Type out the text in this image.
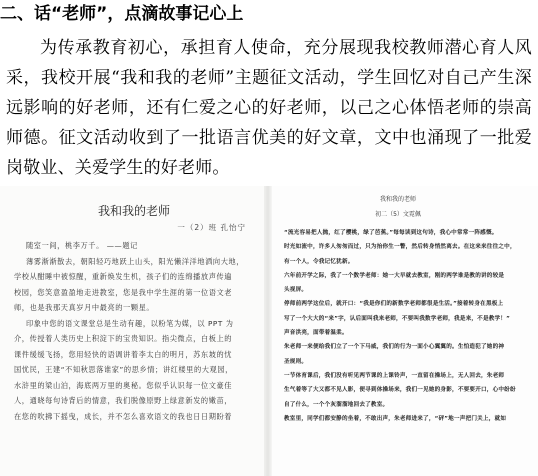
二、话“老师”，点滴故事记心上
为传承教育初心，承担育人使命，充分展现我校教师潜心育人风采，我校开展“我和我的老师”主题征文活动，学生回忆对自己产生深远影响的好老师，还有仁爱之心的好老师，以己之心体悟老师的崇高师德。征文活动收到了一批语言优美的好文章，文中也涌现了一批爱岗敬业、关爱学生的好老师。
我和我的老师
一（2）班 孔怡宁
随室一间，桃李万千。 ——题记
薄雾渐渐散去，朝阳轻巧地跃上山头，阳光懒洋洋地洒向大地，
学校从酣睡中被惊醒，重新焕发生机，孩子们的连绵播放声传遍
校园，您笑意盈盈地走进教室，您是我中学生涯的第一位语文老
师，也是我那天真岁月中最亮的一颗星。
印象中您的语文课堂总是生动有趣，以粉笔为媒，以 PPT 为
介，传授着人类历史上积淀下的宝贵知识。指尖微点，白板上的
课件缓缓飞扬，您用轻快的语调讲着李太白的明月，苏东坡的忧
国忧民，王建“不知秋思落谁家”的思乡情；讲红楼里的大观园，
水浒里的梁山泊，海底两万里的奥秘。您似乎认识每一位文豪佳
人，通晓每句诗背后的情意，我们脱像原野上绿意新发的嫩苗，
在您的吹拂下摇曳，成长，并不怎么喜欢语文的我也日日期盼着
我和我的老师
初二（5）文霓佩
“流光容易把人抛，红了樱桃，绿了芭蕉。”每每读到这句诗，我心中常常一阵感慨。
时光如流中，许多人匆匆而过，只为抬你生一瞥，然后转身悄然离去。在这来来往往之中，
有一个人，令我记忆犹新。
六年前开学之际，我了一个数学老师：她一大早就去教室，刚的两学谁是教的讲的较是
头视屏。
停师前两学这位后，就开口：“我是你们的新数学老师都很是生活。”接着转身在黑板上
写了一个大大的“来”字，认后面叫我来老师，不要叫我数学老师，我是来，不是教学！”
声音洪亮，面带着温柔。
朱老师一来便给我们立了一个下马威，我们的行为一面小心翼翼的。生怕造犯了她的神
圣规则。
一节体育课后，我们没有听见两节课的上课铃声，一直留在操场上，无人回去，朱老师
生气着等了大又都不见人影，便寻到体操场来，我们一见她的身影，不要要开口，心中纷纷
自了什么，一个个灰溜溜地回去了教室。
教室里，同学们都安静的坐着，不敢出声，朱老师进来了，“砰”地一声把门关上，就如
